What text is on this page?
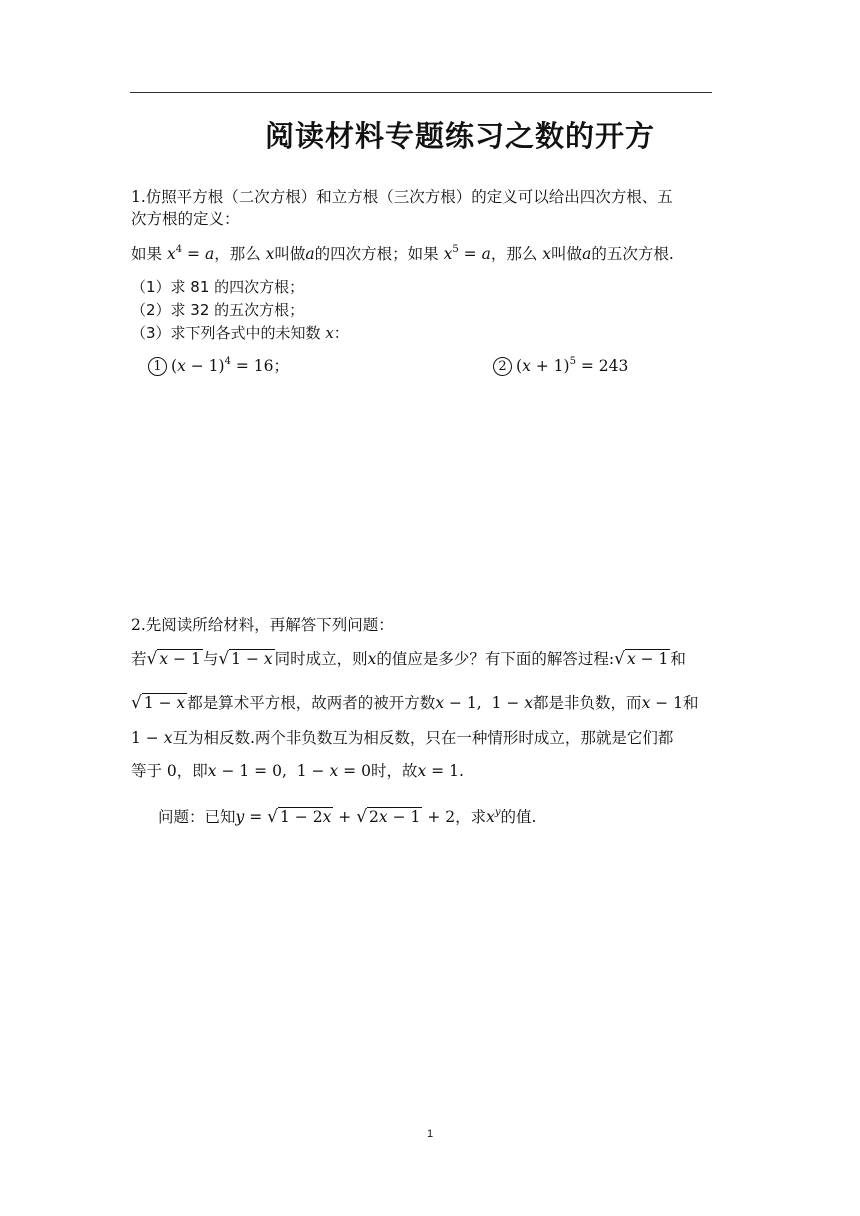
阅读材料专题练习之数的开方
1.仿照平方根（二次方根）和立方根（三次方根）的定义可以给出四次方根、五
次方根的定义：
如果 $x^4 = a$，那么 x叫做a的四次方根；如果 $x^5 = a$，那么 x叫做a的五次方根.
（1）求 81 的四次方根；
（2）求 32 的五次方根；
（3）求下列各式中的未知数 x：
1 $(x - 1)^4 = 16$；	2 $(x + 1)^5 = 243$
2.先阅读所给材料，再解答下列问题：
若√ x − 1 与√ 1 − x 同时成立，则x的值应是多少？有下面的解答过程:√ x − 1 和
√ 1 − x 都是算术平方根，故两者的被开方数x − 1, 1 − x都是非负数，而x − 1和
1 − x互为相反数.两个非负数互为相反数，只在一种情形时成立，那就是它们都
等于 0，即x − 1 = 0, 1 − x = 0时，故x = 1.
问题：已知y = √ 1 − 2x + √ 2x − 1 + 2，求$x^y$的值.
1
